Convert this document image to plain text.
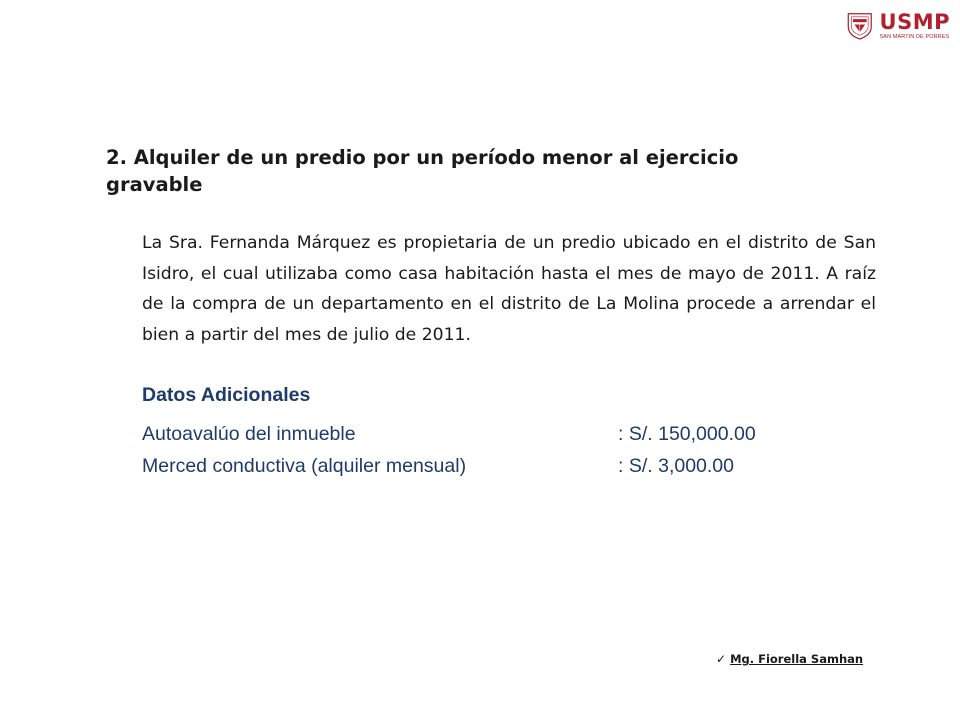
USMP
SAN MARTIN DE PORRES
2. Alquiler de un predio por un período menor al ejercicio gravable

La Sra. Fernanda Márquez es propietaria de un predio ubicado en el distrito de San Isidro, el cual utilizaba como casa habitación hasta el mes de mayo de 2011. A raíz de la compra de un departamento en el distrito de La Molina procede a arrendar el bien a partir del mes de julio de 2011.

Datos Adicionales
Autoavalúo del inmueble	: S/. 150,000.00
Merced conductiva (alquiler mensual)	: S/. 3,000.00
✓ Mg. Fiorella Samhan
